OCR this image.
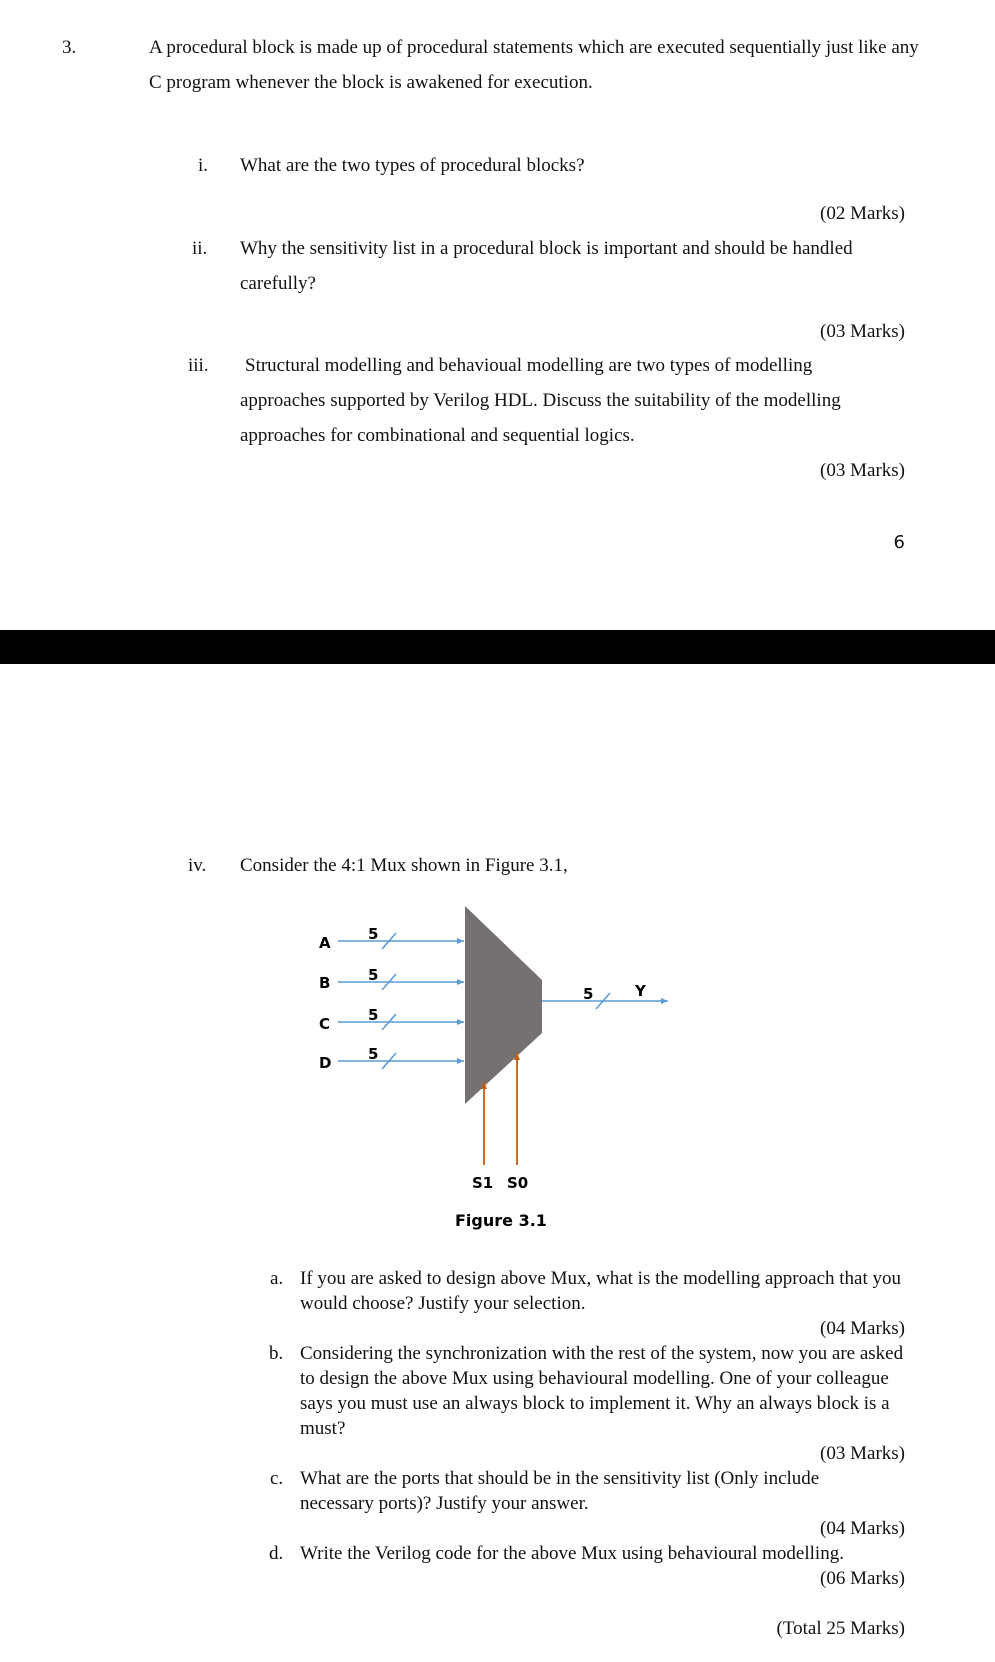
3.	A procedural block is made up of procedural statements which are executed sequentially just like any C program whenever the block is awakened for execution.
i. What are the two types of procedural blocks?
(02 Marks)
ii. Why the sensitivity list in a procedural block is important and should be handled carefully?
(03 Marks)
iii. Structural modelling and behavioual modelling are two types of modelling approaches supported by Verilog HDL. Discuss the suitability of the modelling approaches for combinational and sequential logics.
(03 Marks)
6
iv. Consider the 4:1 Mux shown in Figure 3.1,
A 5
B	5
C	5
D 5
5	Y
S1 S0
Figure 3.1
a. If you are asked to design above Mux, what is the modelling approach that you would choose? Justify your selection.
(04 Marks)
b. Considering the synchronization with the rest of the system, now you are asked to design the above Mux using behavioural modelling. One of your colleague says you must use an always block to implement it. Why an always block is a must?
(03 Marks)
c. What are the ports that should be in the sensitivity list (Only include necessary ports)? Justify your answer.
(04 Marks)
d. Write the Verilog code for the above Mux using behavioural modelling.
(06 Marks)
(Total 25 Marks)
